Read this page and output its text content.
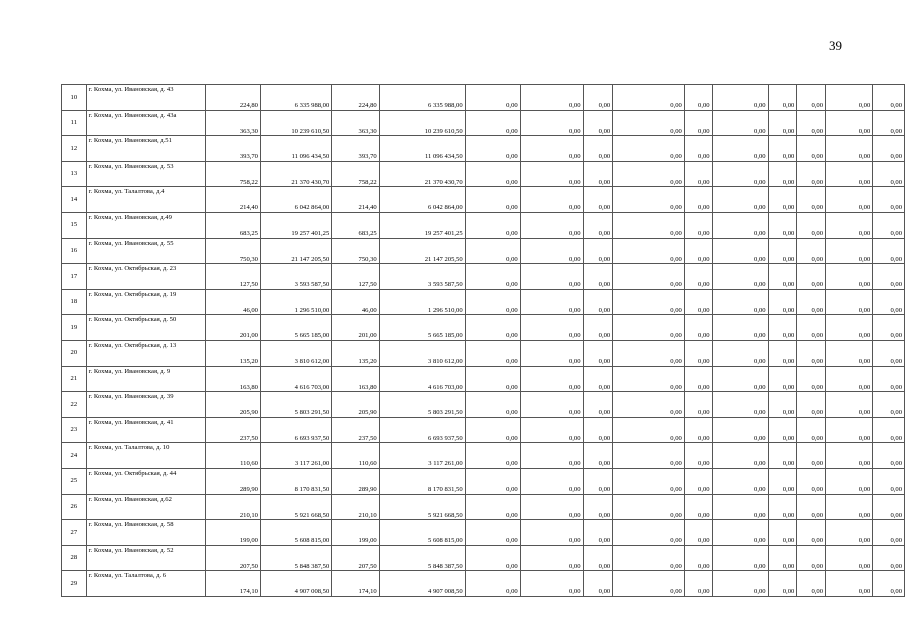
39
10	г. Кохма, ул. Ивановская, д. 43	224,80	6 335 988,00	224,80	6 335 988,00	0,00	0,00	0,00	0,00	0,00	0,00	0,00	0,00	0,00	0,00
11	г. Кохма, ул. Ивановская, д. 43а	363,30	10 239 610,50	363,30	10 239 610,50	0,00	0,00	0,00	0,00	0,00	0,00	0,00	0,00	0,00	0,00
12	г. Кохма, ул. Ивановская, д.51	393,70	11 096 434,50	393,70	11 096 434,50	0,00	0,00	0,00	0,00	0,00	0,00	0,00	0,00	0,00	0,00
13	г. Кохма, ул. Ивановская, д. 53	758,22	21 370 430,70	758,22	21 370 430,70	0,00	0,00	0,00	0,00	0,00	0,00	0,00	0,00	0,00	0,00
14	г. Кохма, ул. Талалтова, д.4	214,40	6 042 864,00	214,40	6 042 864,00	0,00	0,00	0,00	0,00	0,00	0,00	0,00	0,00	0,00	0,00
15	г. Кохма, ул. Ивановская, д.49	683,25	19 257 401,25	683,25	19 257 401,25	0,00	0,00	0,00	0,00	0,00	0,00	0,00	0,00	0,00	0,00
16	г. Кохма, ул. Ивановская, д. 55	750,30	21 147 205,50	750,30	21 147 205,50	0,00	0,00	0,00	0,00	0,00	0,00	0,00	0,00	0,00	0,00
17	г. Кохма, ул. Октябрьская, д. 23	127,50	3 593 587,50	127,50	3 593 587,50	0,00	0,00	0,00	0,00	0,00	0,00	0,00	0,00	0,00	0,00
18	г. Кохма, ул. Октябрьская, д. 19	46,00	1 296 510,00	46,00	1 296 510,00	0,00	0,00	0,00	0,00	0,00	0,00	0,00	0,00	0,00	0,00
19	г. Кохма, ул. Октябрьская, д. 50	201,00	5 665 185,00	201,00	5 665 185,00	0,00	0,00	0,00	0,00	0,00	0,00	0,00	0,00	0,00	0,00
20	г. Кохма, ул. Октябрьская, д. 13	135,20	3 810 612,00	135,20	3 810 612,00	0,00	0,00	0,00	0,00	0,00	0,00	0,00	0,00	0,00	0,00
21	г. Кохма, ул. Ивановская, д. 9	163,80	4 616 703,00	163,80	4 616 703,00	0,00	0,00	0,00	0,00	0,00	0,00	0,00	0,00	0,00	0,00
22	г. Кохма, ул. Ивановская, д. 39	205,90	5 803 291,50	205,90	5 803 291,50	0,00	0,00	0,00	0,00	0,00	0,00	0,00	0,00	0,00	0,00
23	г. Кохма, ул. Ивановская, д. 41	237,50	6 693 937,50	237,50	6 693 937,50	0,00	0,00	0,00	0,00	0,00	0,00	0,00	0,00	0,00	0,00
24	г. Кохма, ул. Талалтова, д. 10	110,60	3 117 261,00	110,60	3 117 261,00	0,00	0,00	0,00	0,00	0,00	0,00	0,00	0,00	0,00	0,00
25	г. Кохма, ул. Октябрьская, д. 44	289,90	8 170 831,50	289,90	8 170 831,50	0,00	0,00	0,00	0,00	0,00	0,00	0,00	0,00	0,00	0,00
26	г. Кохма, ул. Ивановская, д.62	210,10	5 921 668,50	210,10	5 921 668,50	0,00	0,00	0,00	0,00	0,00	0,00	0,00	0,00	0,00	0,00
27	г. Кохма, ул. Ивановская, д. 58	199,00	5 608 815,00	199,00	5 608 815,00	0,00	0,00	0,00	0,00	0,00	0,00	0,00	0,00	0,00	0,00
28	г. Кохма, ул. Ивановская, д. 52	207,50	5 848 387,50	207,50	5 848 387,50	0,00	0,00	0,00	0,00	0,00	0,00	0,00	0,00	0,00	0,00
29	г. Кохма, ул. Талалтова, д. 6	174,10	4 907 008,50	174,10	4 907 008,50	0,00	0,00	0,00	0,00	0,00	0,00	0,00	0,00	0,00	0,00
